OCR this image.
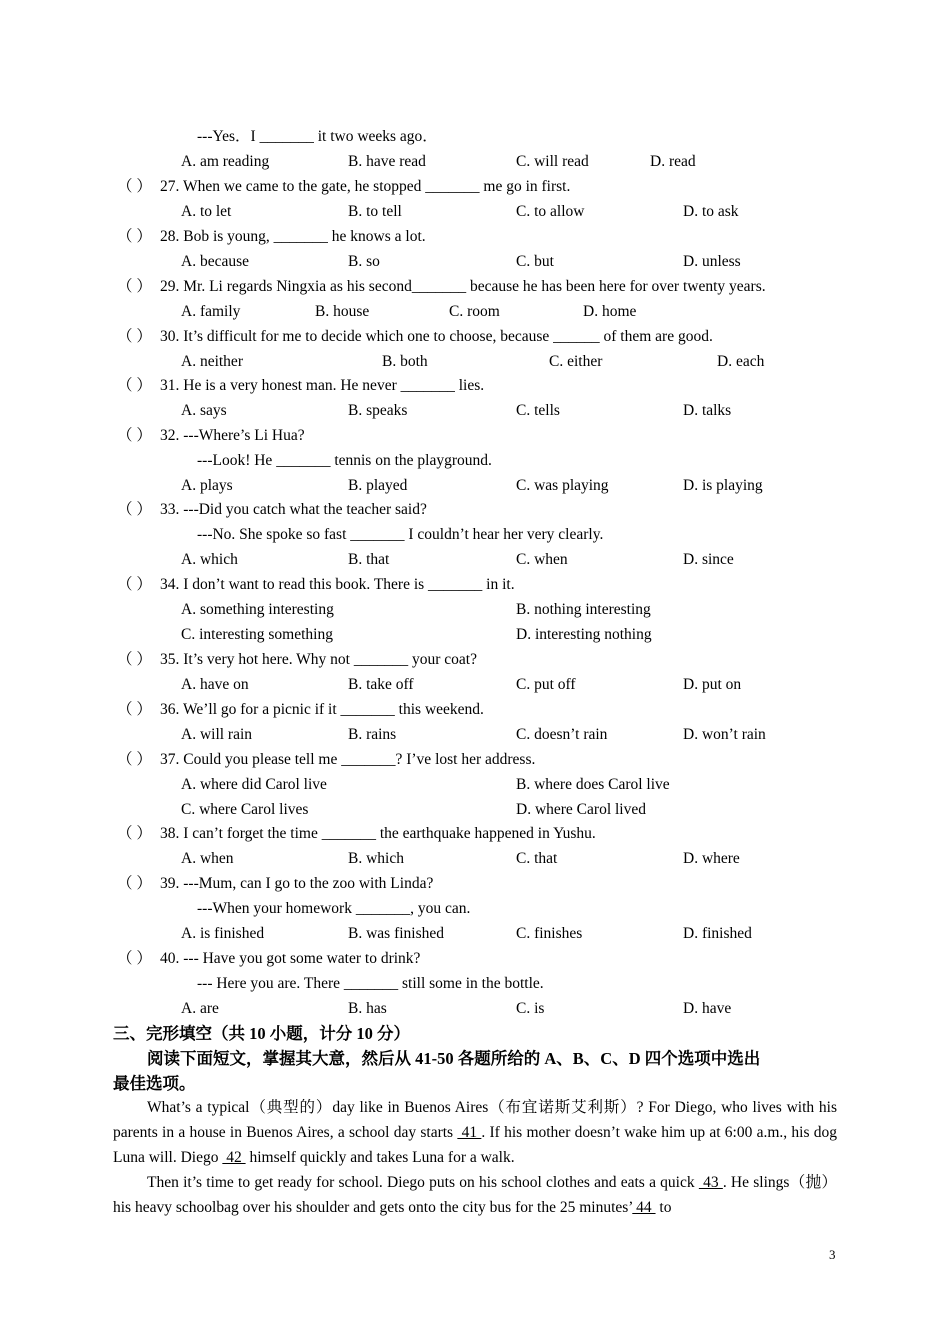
---Yes．I _______ it two weeks ago．
A. am reading	B. have read	C. will read	D. read
（ ） 27. When we came to the gate, he stopped _______ me go in first.
A. to let	B. to tell	C. to allow	D. to ask
（ ） 28. Bob is young, _______ he knows a lot.
A. because	B. so	C. but	D. unless
（ ） 29. Mr. Li regards Ningxia as his second_______ because he has been here for over twenty years.
A. family	B. house	C. room	D. home
（ ） 30. It’s difficult for me to decide which one to choose, because ______ of them are good.
A. neither	B. both	C. either	D. each
（ ） 31. He is a very honest man. He never _______ lies.
A. says	B. speaks	C. tells	D. talks
（ ） 32. ---Where’s Li Hua?
---Look! He _______ tennis on the playground.
A. plays	B. played	C. was playing	D. is playing
（ ） 33. ---Did you catch what the teacher said?
---No. She spoke so fast _______ I couldn’t hear her very clearly.
A. which	B. that	C. when	D. since
（ ） 34. I don’t want to read this book. There is _______ in it.
A. something interesting	B. nothing interesting
C. interesting something	D. interesting nothing
（ ） 35. It’s very hot here. Why not _______ your coat?
A. have on	B. take off	C. put off	D. put on
（ ） 36. We’ll go for a picnic if it _______ this weekend.
A. will rain	B. rains	C. doesn’t rain	D. won’t rain
（ ） 37. Could you please tell me _______? I’ve lost her address.
A. where did Carol live	B. where does Carol live
C. where Carol lives	D. where Carol lived
（ ） 38. I can’t forget the time _______ the earthquake happened in Yushu.
A. when	B. which	C. that	D. where
（ ） 39. ---Mum, can I go to the zoo with Linda?
---When your homework _______, you can.
A. is finished	B. was finished	C. finishes	D. finished
（ ） 40. --- Have you got some water to drink?
--- Here you are. There _______ still some in the bottle.
A. are	B. has	C. is	D. have
三、完形填空（共 10 小题，计分 10 分）
阅读下面短文，掌握其大意，然后从 41-50 各题所给的 A、B、C、D 四个选项中选出
最佳选项。

What’s a typical（典型的）day like in Buenos Aires（布宜诺斯艾利斯）? For Diego, who lives with his parents in a house in Buenos Aires, a school day starts  41 . If his mother doesn’t wake him up at 6:00 a.m., his dog Luna will. Diego  42  himself quickly and takes Luna for a walk.

Then it’s time to get ready for school. Diego puts on his school clothes and eats a quick  43 . He slings（抛）his heavy schoolbag over his shoulder and gets onto the city bus for the 25 minutes’ 44  to

3
